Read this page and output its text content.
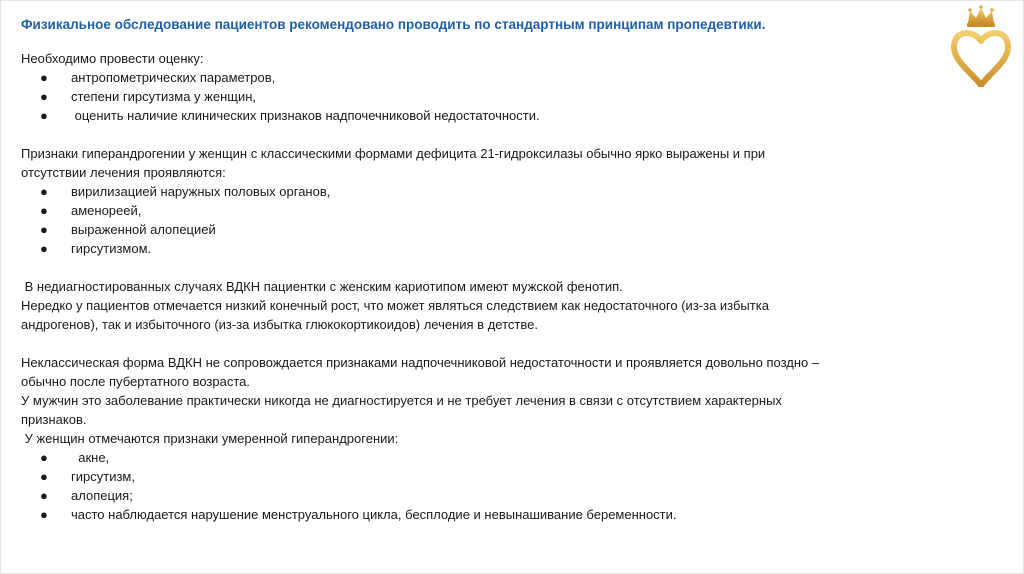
Физикальное обследование пациентов рекомендовано проводить по стандартным принципам пропедевтики.

Необходимо провести оценку:

● антропометрических параметров,
● степени гирсутизма у женщин,
● оценить наличие клинических признаков надпочечниковой недостаточности.

Признаки гиперандрогении у женщин с классическими формами дефицита 21-гидроксилазы обычно ярко выражены и при

отсутствии лечения проявляются:

● вирилизацией наружных половых органов,
● аменореей,
● выраженной алопецией
● гирсутизмом.

В недиагностированных случаях ВДКН пациентки с женским кариотипом имеют мужской фенотип.

Нередко у пациентов отмечается низкий конечный рост, что может являться следствием как недостаточного (из-за избытка

андрогенов), так и избыточного (из-за избытка глюкокортикоидов) лечения в детстве.

Неклассическая форма ВДКН не сопровождается признаками надпочечниковой недостаточности и проявляется довольно поздно –

обычно после пубертатного возраста.

У мужчин это заболевание практически никогда не диагностируется и не требует лечения в связи с отсутствием характерных

признаков.

У женщин отмечаются признаки умеренной гиперандрогении:

● акне,
● гирсутизм,
● алопеция;
● часто наблюдается нарушение менструального цикла, бесплодие и невынашивание беременности.
